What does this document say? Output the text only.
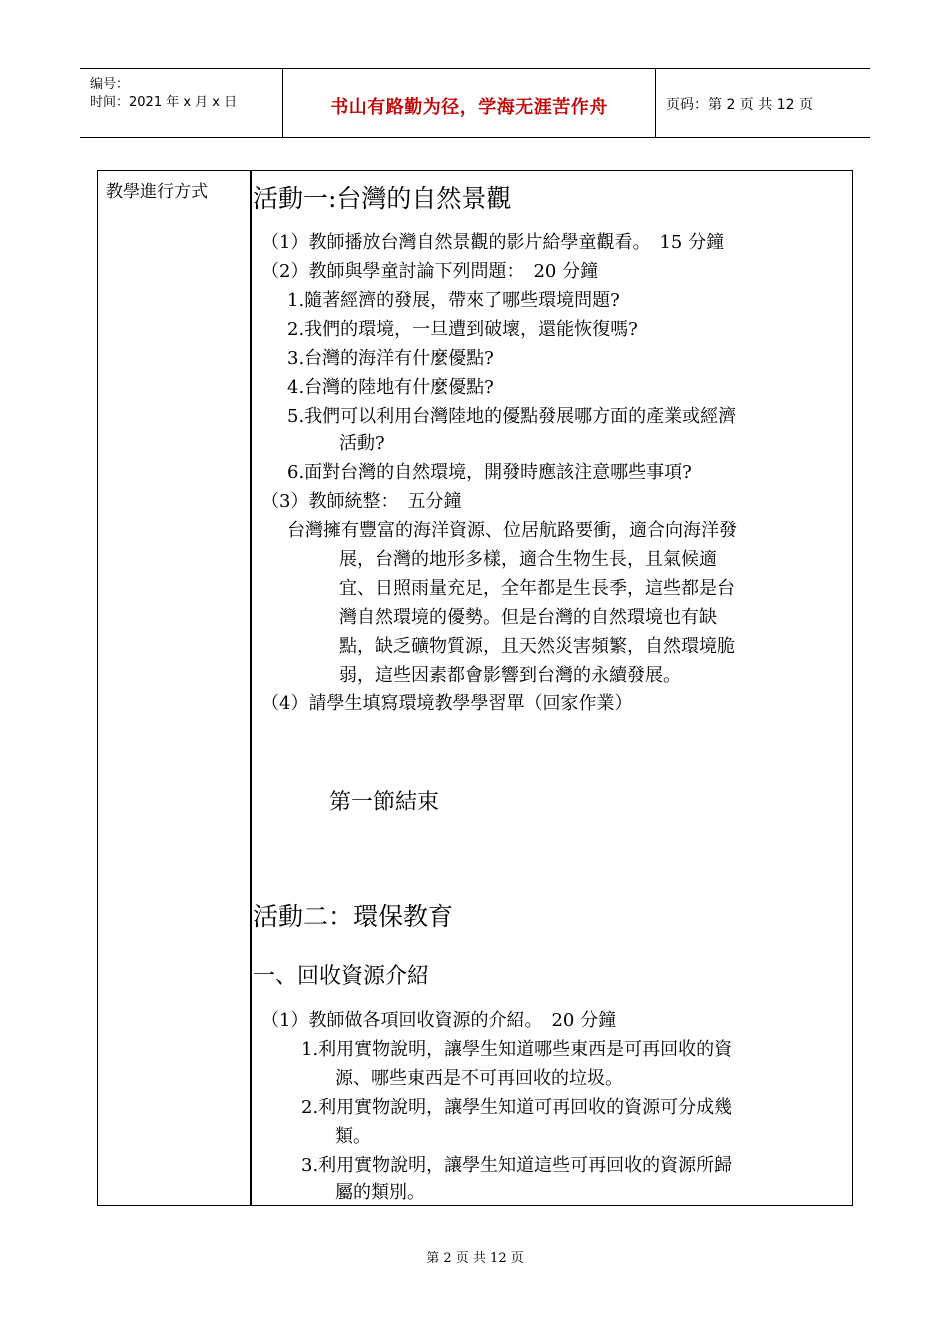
编号：
时间：2021 年 x 月 x 日	书山有路勤为径，学海无涯苦作舟	页码：第 2 页 共 12 页
教學進行方式 活動一:台灣的自然景觀
（1）教師播放台灣自然景觀的影片給學童觀看。　15 分鐘
（2）教師與學童討論下列問題：　20 分鐘
1.隨著經濟的發展，帶來了哪些環境問題?
2.我們的環境，一旦遭到破壞，還能恢復嗎?
3.台灣的海洋有什麼優點?
4.台灣的陸地有什麼優點?
5.我們可以利用台灣陸地的優點發展哪方面的產業或經濟
活動?
6.面對台灣的自然環境，開發時應該注意哪些事項?
（3）教師統整：　五分鐘
台灣擁有豐富的海洋資源、位居航路要衝，適合向海洋發
展，台灣的地形多樣，適合生物生長，且氣候適
宜、日照雨量充足，全年都是生長季，這些都是台
灣自然環境的優勢。但是台灣的自然環境也有缺
點，缺乏礦物質源，且天然災害頻繁，自然環境脆
弱，這些因素都會影響到台灣的永續發展。
（4）請學生填寫環境教學學習單（回家作業）
第一節結束
活動二：環保教育
一、回收資源介紹
（1）教師做各項回收資源的介紹。　20 分鐘
1.利用實物說明，讓學生知道哪些東西是可再回收的資
源、哪些東西是不可再回收的垃圾。
2.利用實物說明，讓學生知道可再回收的資源可分成幾
類。
3.利用實物說明，讓學生知道這些可再回收的資源所歸
屬的類別。
第 2 页 共 12 页
